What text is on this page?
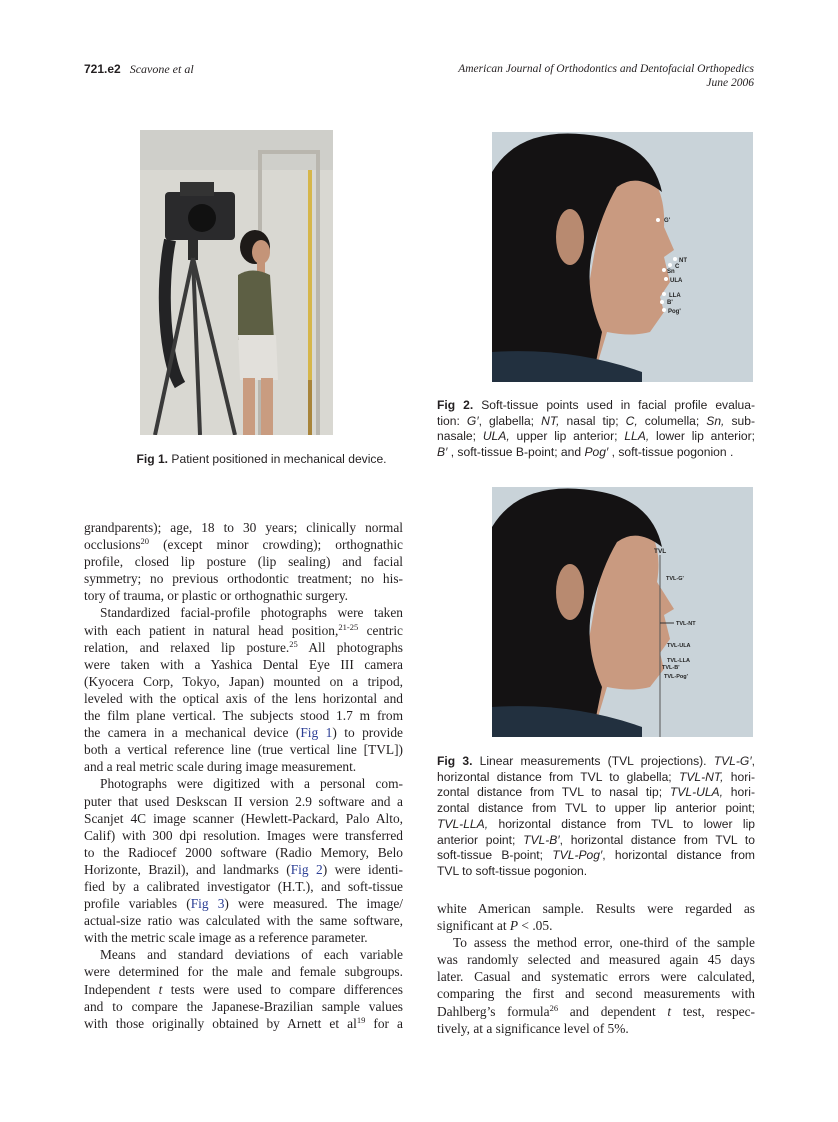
721.e2 Scavone et al	American Journal of Orthodontics and Dentofacial Orthopedics
June 2006
Fig 1. Patient positioned in mechanical device.
G'
NT
C
Sn
ULA
LLA
B'
Pog'
Fig 2. Soft-tissue points used in facial profile evalua-
tion: G′, glabella; NT, nasal tip; C, columella; Sn, sub-
nasale; ULA, upper lip anterior; LLA, lower lip anterior;
B′ , soft-tissue B-point; and Pog′ , soft-tissue pogonion .
TVL
TVL-G'
TVL-NT
TVL-ULA
TVL-LLA
TVL-B'
TVL-Pog'
Fig 3. Linear measurements (TVL projections). TVL-G′,
horizontal distance from TVL to glabella; TVL-NT, hori-
zontal distance from TVL to nasal tip; TVL-ULA, hori-
zontal distance from TVL to upper lip anterior point;
TVL-LLA, horizontal distance from TVL to lower lip
anterior point; TVL-B′, horizontal distance from TVL to
soft-tissue B-point; TVL-Pog′, horizontal distance from
TVL to soft-tissue pogonion.
grandparents); age, 18 to 30 years; clinically normal
occlusions$^{20}$ (except minor crowding); orthognathic
profile, closed lip posture (lip sealing) and facial
symmetry; no previous orthodontic treatment; no his-
tory of trauma, or plastic or orthognathic surgery.
Standardized facial-profile photographs were taken
with each patient in natural head position,$^{21-25}$ centric
relation, and relaxed lip posture.$^{25}$ All photographs
were taken with a Yashica Dental Eye III camera
(Kyocera Corp, Tokyo, Japan) mounted on a tripod,
leveled with the optical axis of the lens horizontal and
the film plane vertical. The subjects stood 1.7 m from
the camera in a mechanical device (Fig 1) to provide
both a vertical reference line (true vertical line [TVL])
and a real metric scale during image measurement.
Photographs were digitized with a personal com-
puter that used Deskscan II version 2.9 software and a
Scanjet 4C image scanner (Hewlett-Packard, Palo Alto,
Calif) with 300 dpi resolution. Images were transferred
to the Radiocef 2000 software (Radio Memory, Belo
Horizonte, Brazil), and landmarks (Fig 2) were identi-
fied by a calibrated investigator (H.T.), and soft-tissue
profile variables (Fig 3) were measured. The image/
actual-size ratio was calculated with the same software,
with the metric scale image as a reference parameter.
Means and standard deviations of each variable
were determined for the male and female subgroups.
Independent t tests were used to compare differences
and to compare the Japanese-Brazilian sample values
with those originally obtained by Arnett et $al^{19}$ for a
white American sample. Results were regarded as
significant at P < .05.
To assess the method error, one-third of the sample
was randomly selected and measured again 45 days
later. Casual and systematic errors were calculated,
comparing the first and second measurements with
Dahlberg’s formula$^{26}$ and dependent t test, respec-
tively, at a significance level of 5%.
